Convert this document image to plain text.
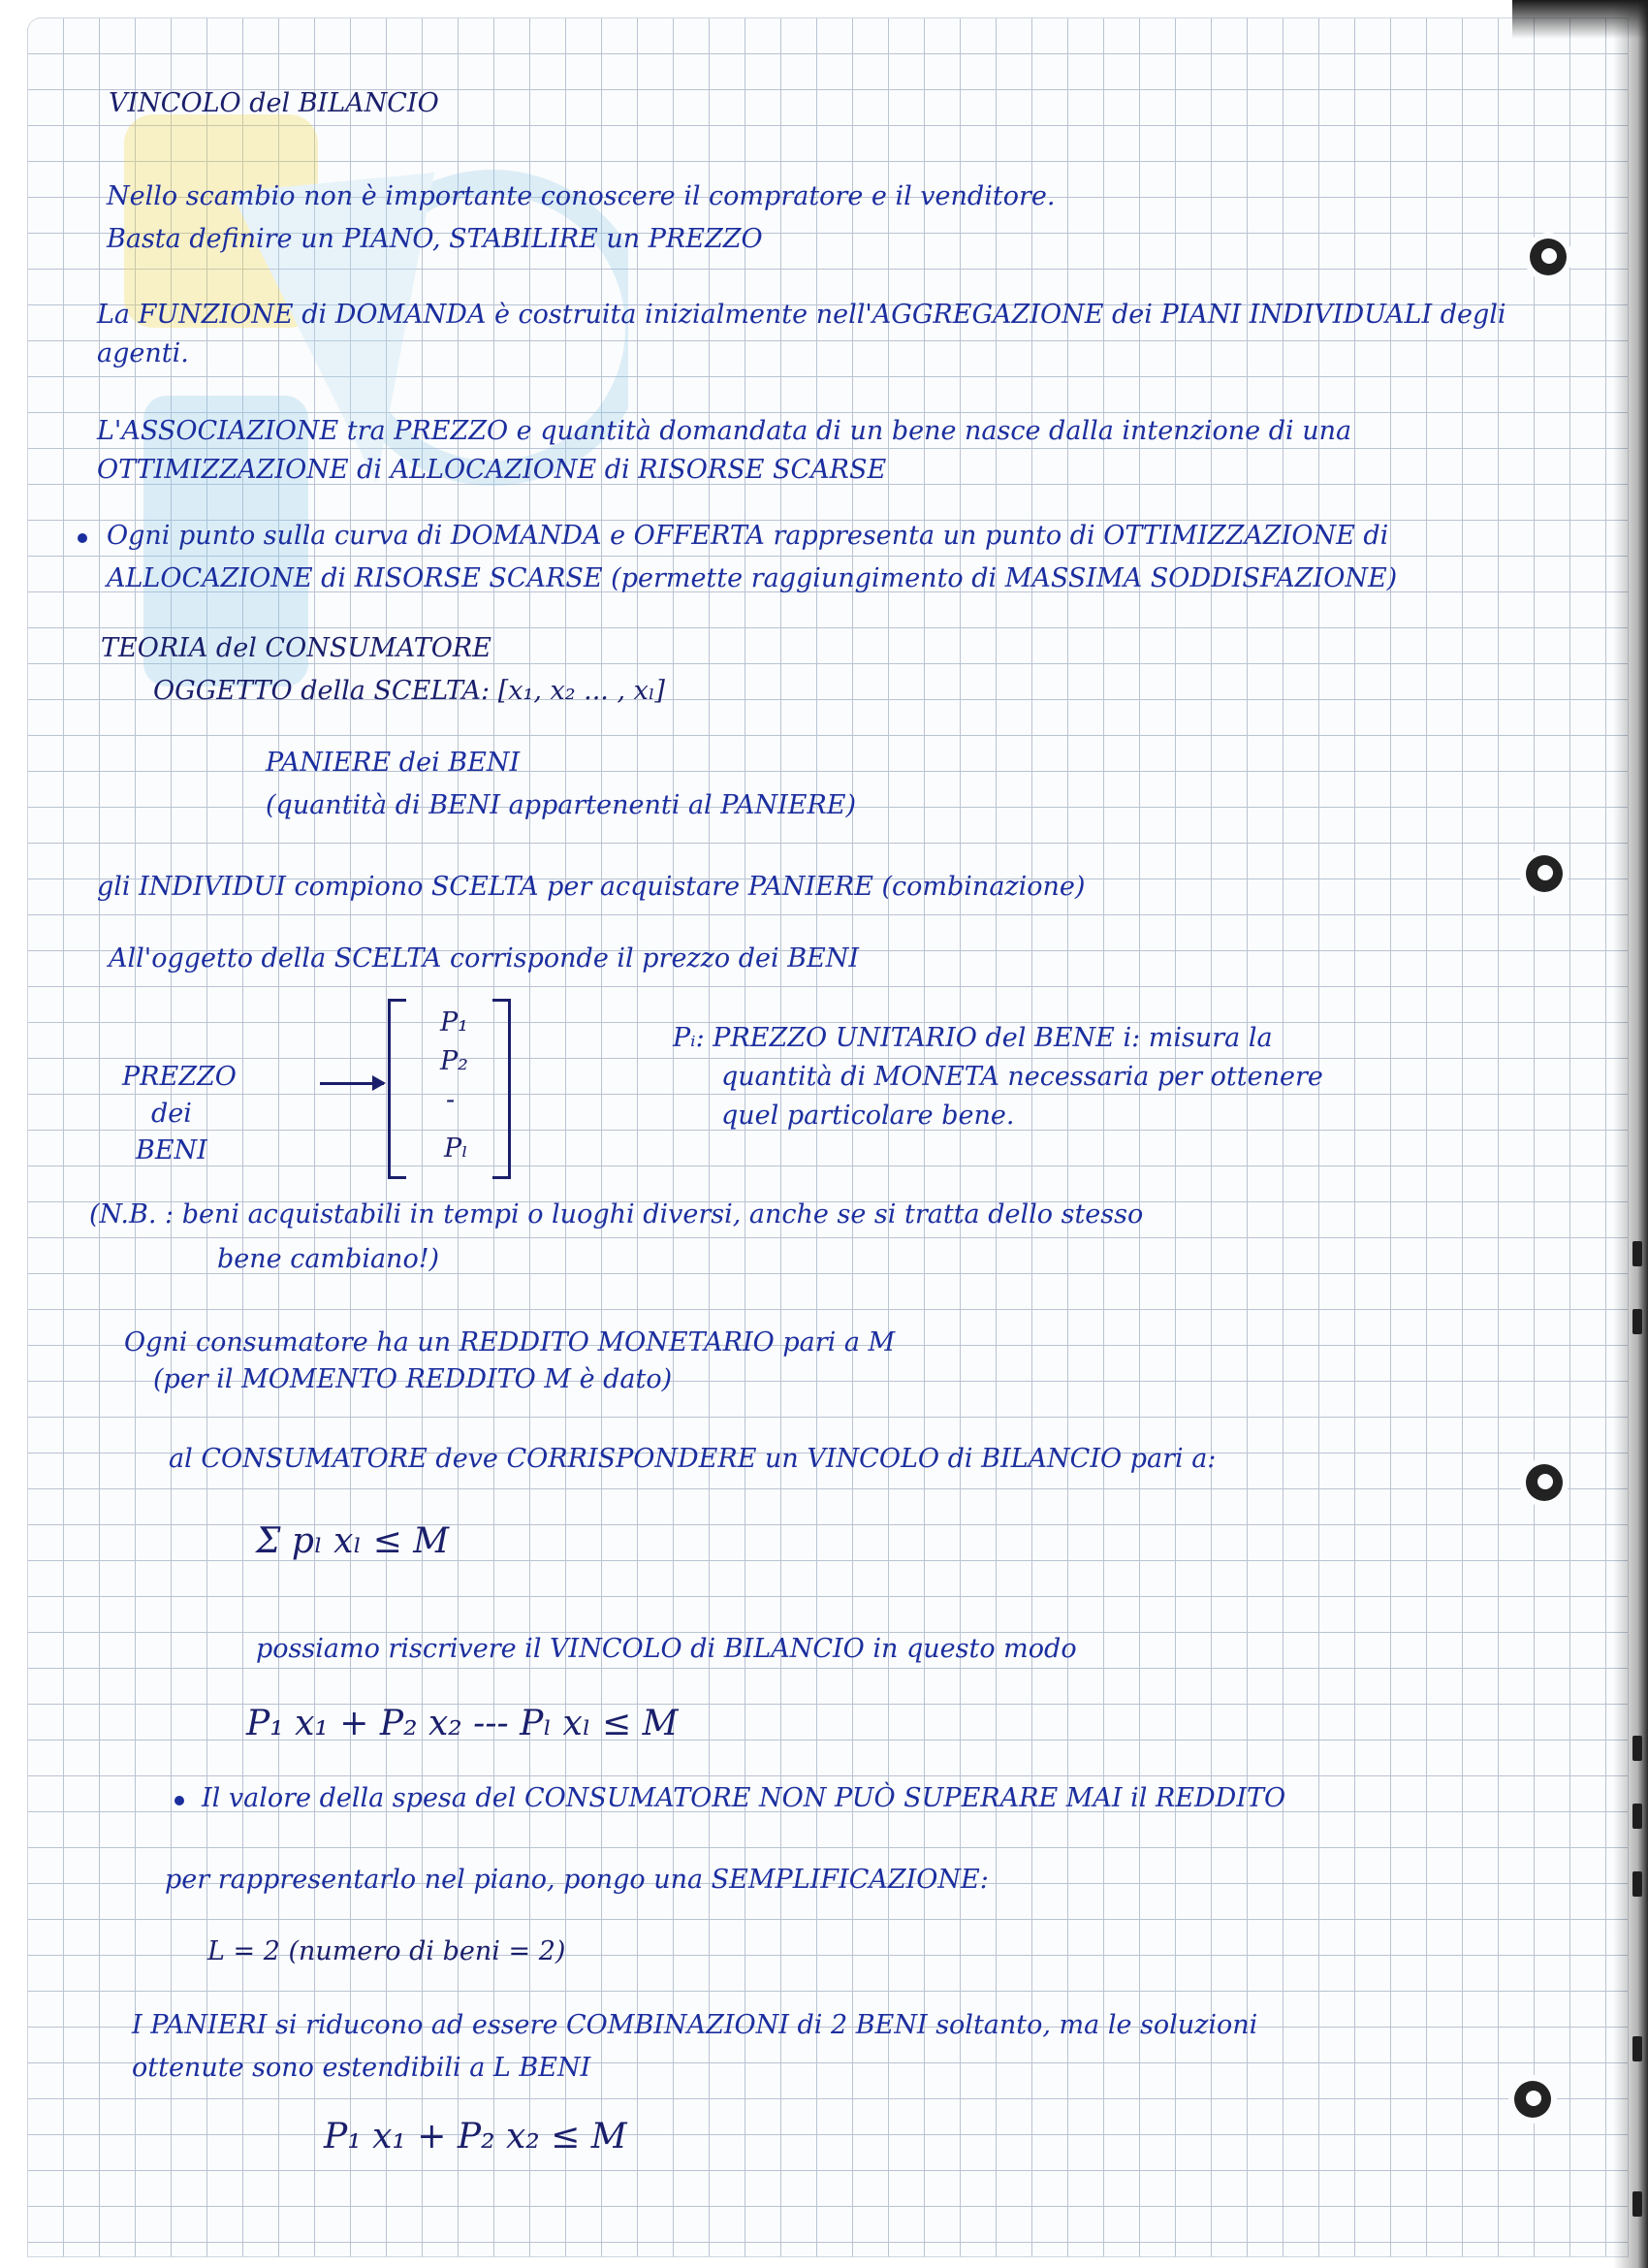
VINCOLO del BILANCIO
Nello scambio non è importante conoscere il compratore e il venditore.
Basta definire un PIANO, STABILIRE un PREZZO
La FUNZIONE di DOMANDA è costruita inizialmente nell'AGGREGAZIONE dei PIANI INDIVIDUALI degli
agenti.
L'ASSOCIAZIONE tra PREZZO e quantità domandata di un bene nasce dalla intenzione di una
OTTIMIZZAZIONE di ALLOCAZIONE di RISORSE SCARSE
Ogni punto sulla curva di DOMANDA e OFFERTA rappresenta un punto di OTTIMIZZAZIONE di
ALLOCAZIONE di RISORSE SCARSE (permette raggiungimento di MASSIMA SODDISFAZIONE)
TEORIA del CONSUMATORE
OGGETTO della SCELTA: [x₁, x₂ ... , xₗ]
PANIERE dei BENI
(quantità di BENI appartenenti al PANIERE)
gli INDIVIDUI compiono SCELTA per acquistare PANIERE (combinazione)
All'oggetto della SCELTA corrisponde il prezzo dei BENI
PREZZO
dei
BENI
P₁
P₂
-
Pₗ
Pᵢ: PREZZO UNITARIO del BENE i: misura la
quantità di MONETA necessaria per ottenere
quel particolare bene.
(N.B. : beni acquistabili in tempi o luoghi diversi, anche se si tratta dello stesso
bene cambiano!)
Ogni consumatore ha un REDDITO MONETARIO pari a M
(per il MOMENTO REDDITO M è dato)
al CONSUMATORE deve CORRISPONDERE un VINCOLO di BILANCIO pari a:
Σ pₗ xₗ ≤ M
possiamo riscrivere il VINCOLO di BILANCIO in questo modo
P₁ x₁ + P₂ x₂ --- Pₗ xₗ ≤ M
Il valore della spesa del CONSUMATORE NON PUÒ SUPERARE MAI il REDDITO
per rappresentarlo nel piano, pongo una SEMPLIFICAZIONE:
L = 2 (numero di beni = 2)
I PANIERI si riducono ad essere COMBINAZIONI di 2 BENI soltanto, ma le soluzioni
ottenute sono estendibili a L BENI
P₁ x₁ + P₂ x₂ ≤ M
